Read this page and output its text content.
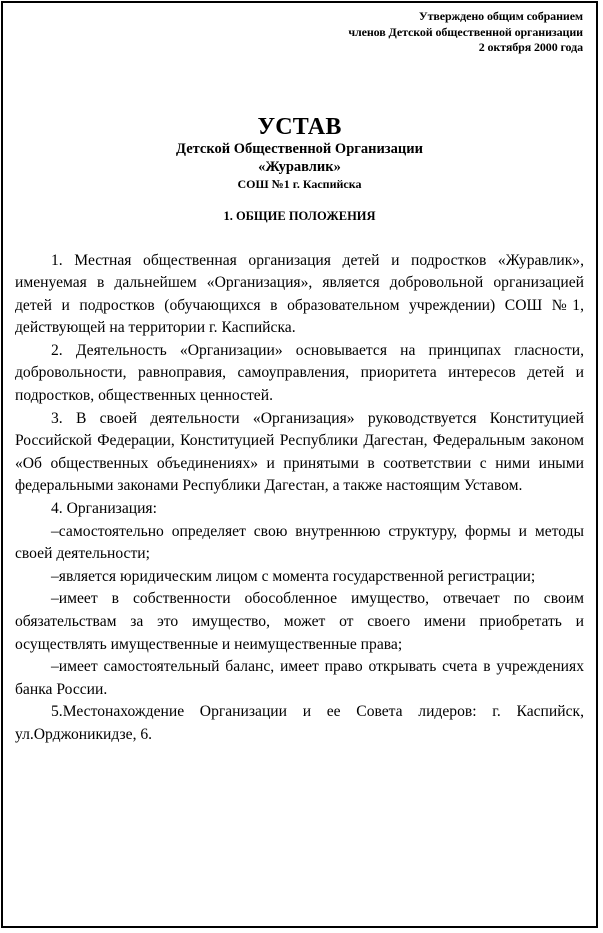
Утверждено общим собранием
членов Детской общественной организации
2 октября 2000 года
УСТАВ
Детской Общественной Организации
«Журавлик»
СОШ №1 г. Каспийска
1. ОБЩИЕ ПОЛОЖЕНИЯ

1. Местная общественная организация детей и подростков «Журавлик», именуемая в дальнейшем «Организация», является добровольной организацией детей и подростков (обучающихся в образовательном учреждении) СОШ №1, действующей на территории г. Каспийска.

2. Деятельность «Организации» основывается на принципах гласности, добровольности, равноправия, самоуправления, приоритета интересов детей и подростков, общественных ценностей.

3. В своей деятельности «Организация» руководствуется Конституцией Российской Федерации, Конституцией Республики Дагестан, Федеральным законом «Об общественных объединениях» и принятыми в соответствии с ними иными федеральными законами Республики Дагестан, а также настоящим Уставом.

4. Организация:

–самостоятельно определяет свою внутреннюю структуру, формы и методы своей деятельности;

–является юридическим лицом с момента государственной регистрации;

–имеет в собственности обособленное имущество, отвечает по своим обязательствам за это имущество, может от своего имени приобретать и осуществлять имущественные и неимущественные права;

–имеет самостоятельный баланс, имеет право открывать счета в учреждениях банка России.

5.Местонахождение Организации и ее Совета лидеров: г. Каспийск, ул.Орджоникидзе, 6.
